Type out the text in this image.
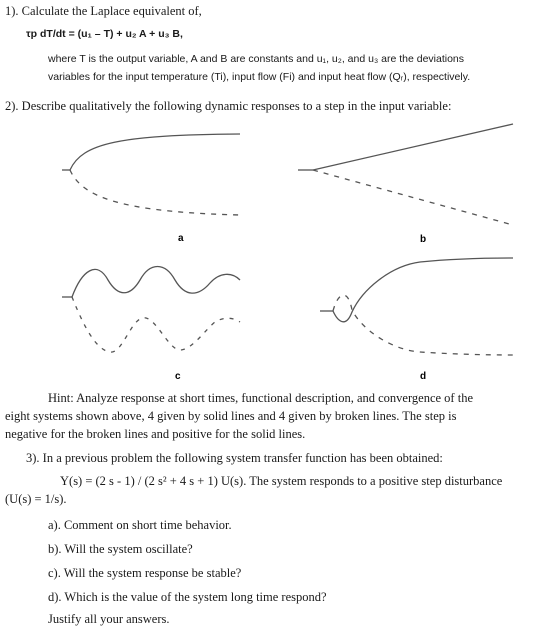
1). Calculate the Laplace equivalent of,
τp dT/dt = (u₁ – T) + u₂ A + u₃ B,
where T is the output variable, A and B are constants and u₁, u₂, and u₃ are the deviations
variables for the input temperature (Ti), input flow (Fi) and input heat flow (Qᵣ), respectively.
2). Describe qualitatively the following dynamic responses to a step in the input variable:
a	b
c	d
Hint: Analyze response at short times, functional description, and convergence of the
eight systems shown above, 4 given by solid lines and 4 given by broken lines. The step is
negative for the broken lines and positive for the solid lines.
3). In a previous problem the following system transfer function has been obtained:
Y(s) = (2 s - 1) / (2 s² + 4 s + 1) U(s). The system responds to a positive step disturbance
(U(s) = 1/s).
a). Comment on short time behavior.
b). Will the system oscillate?
c). Will the system response be stable?
d). Which is the value of the system long time respond?
Justify all your answers.
